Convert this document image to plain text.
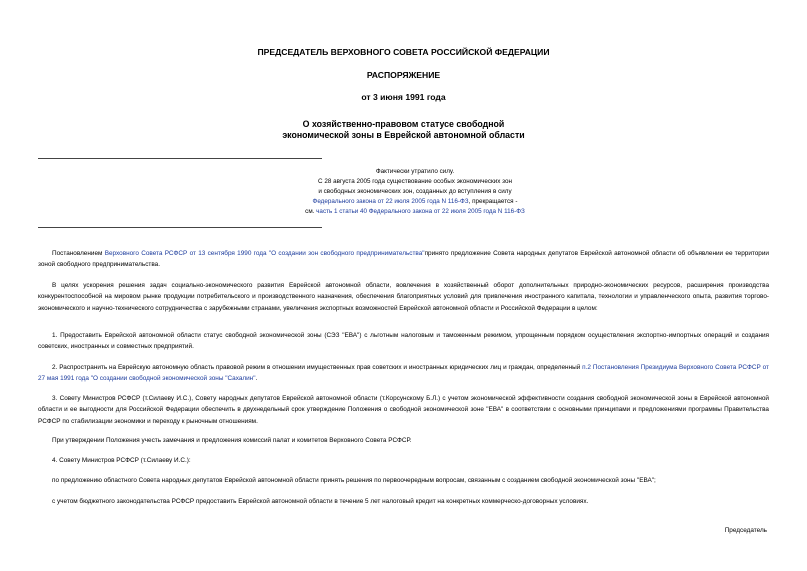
ПРЕДСЕДАТЕЛЬ ВЕРХОВНОГО СОВЕТА РОССИЙСКОЙ ФЕДЕРАЦИИ
РАСПОРЯЖЕНИЕ
от 3 июня 1991 года
О хозяйственно-правовом статусе свободной
экономической зоны в Еврейской автономной области
Фактически утратило силу.
С 28 августа 2005 года существование особых экономических зон
и свободных экономических зон, созданных до вступления в силу
Федерального закона от 22 июля 2005 года N 116-ФЗ, прекращается -
см. часть 1 статьи 40 Федерального закона от 22 июля 2005 года N 116-ФЗ

Постановлением Верховного Совета РСФСР от 13 сентября 1990 года "О создании зон свободного предпринимательства"принято предложение Совета народных депутатов Еврейской автономной области об объявлении ее территории зоной свободного предпринимательства.

В целях ускорения решения задач социально-экономического развития Еврейской автономной области, вовлечения в хозяйственный оборот дополнительных природно-экономических ресурсов, расширения производства конкурентоспособной на мировом рынке продукции потребительского и производственного назначения, обеспечения благоприятных условий для привлечения иностранного капитала, технологии и управленческого опыта, развития торгово-экономического и научно-технического сотрудничества с зарубежными странами, увеличения экспортных возможностей Еврейской автономной области и Российской Федерации в целом:

1. Предоставить Еврейской автономной области статус свободной экономической зоны (СЭЗ "ЕВА") с льготным налоговым и таможенным режимом, упрощенным порядком осуществления экспортно-импортных операций и создания советских, иностранных и совместных предприятий.

2. Распространить на Еврейскую автономную область правовой режим в отношении имущественных прав советских и иностранных юридических лиц и граждан, определенный п.2 Постановления Президиума Верховного Совета РСФСР от 27 мая 1991 года "О создании свободной экономической зоны "Сахалин".

3. Совету Министров РСФСР (т.Силаеву И.С.), Совету народных депутатов Еврейской автономной области (т.Корсунскому Б.Л.) с учетом экономической эффективности создания свободной экономической зоны в Еврейской автономной области и ее выгодности для Российской Федерации обеспечить в двухнедельный срок утверждение Положения о свободной экономической зоне "ЕВА" в соответствии с основными принципами и предложениями программы Правительства РСФСР по стабилизации экономики и переходу к рыночным отношениям.

При утверждении Положения учесть замечания и предложения комиссий палат и комитетов Верховного Совета РСФСР.

4. Совету Министров РСФСР (т.Силаеву И.С.):

по предложению областного Совета народных депутатов Еврейской автономной области принять решения по первоочередным вопросам, связанным с созданием свободной экономической зоны "ЕВА";

с учетом бюджетного законодательства РСФСР предоставить Еврейской автономной области в течение 5 лет налоговый кредит на конкретных коммерческо-договорных условиях.

Председатель
